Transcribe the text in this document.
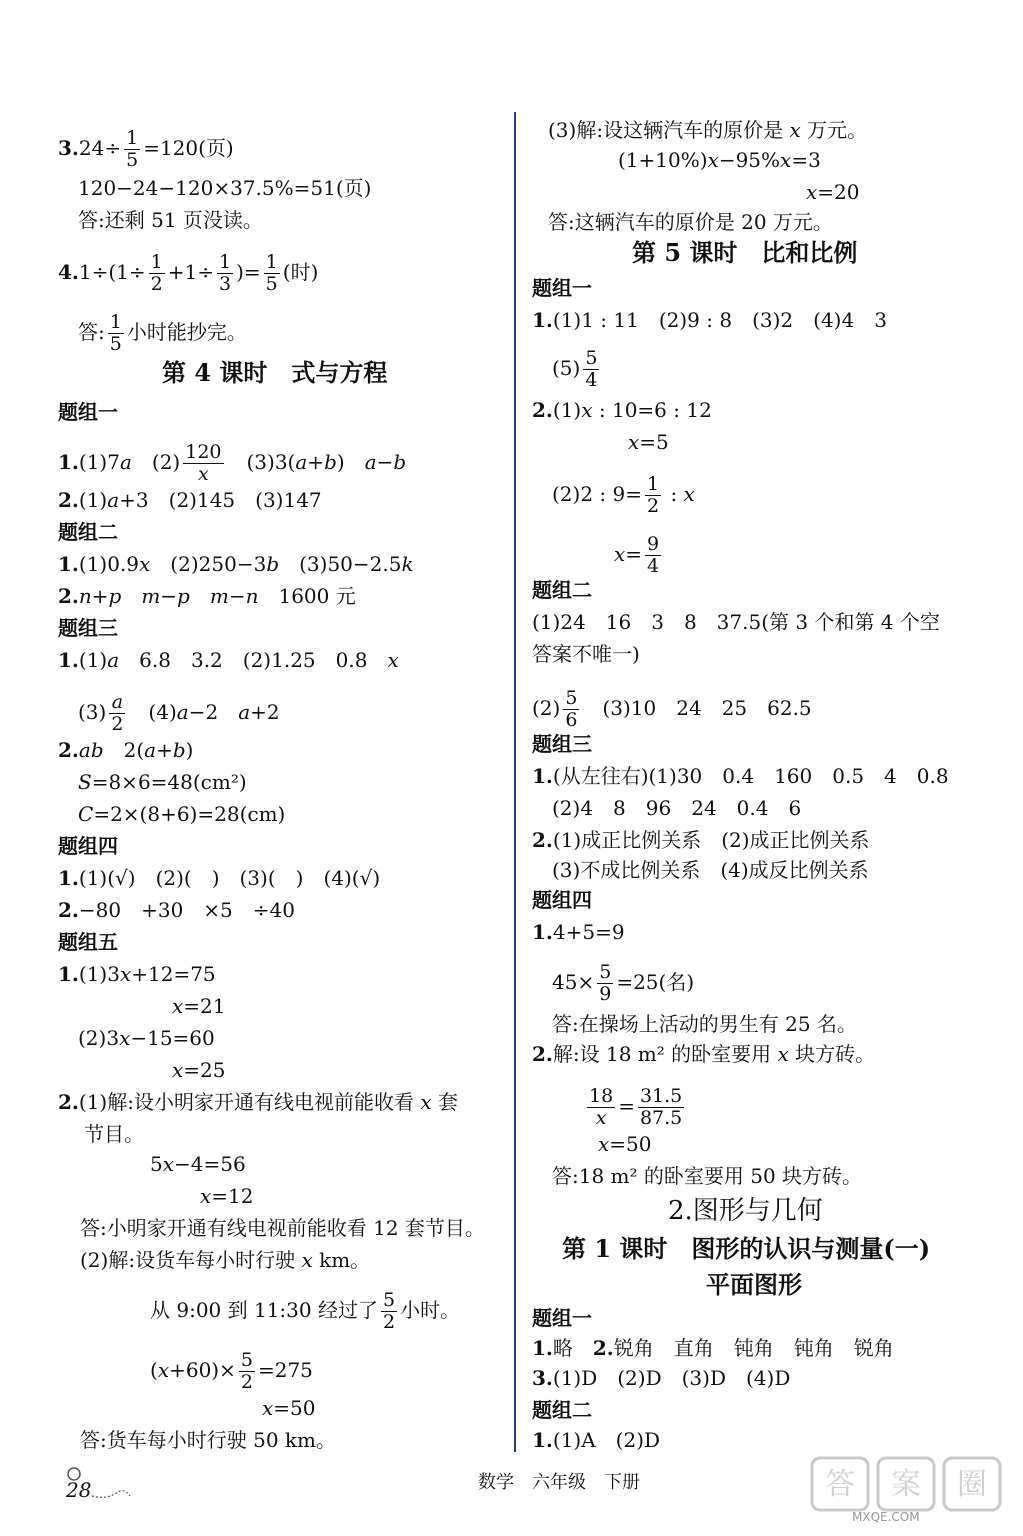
$3.24\div \frac{1}{5} =120$(页)
120−24−120×37.5%=51(页)
答:还剩 51 页没读。
$4.1\div(1\div \frac{1}{2} +1\div \frac{1}{3}$ )= $\frac{1}{5}$ (时)
答: $\frac{1}{5}$ 小时能抄完。
第 4 课时　式与方程
题组一
1.(1)7a　$(2) \frac{120}{x}$ 　(3)3(a+b)　a−b
2.(1)a+3　(2)145　(3)147
题组二
1.(1)0.9x　(2)250−3b　(3)50−2.5k
2.n+p　m−p　m−n　1600 元
题组三
1.(1)a　6.8　3.2　(2)1.25　0.8　x
$(3) \frac{a}{2}$ 　(4)a−2　a+2
2.ab　2(a+b)
S=8×6=48(cm²)
C=2×(8+6)=28(cm)
题组四
1.(1)(√)　(2)(　)　(3)(　)　(4)(√)
2.−80　+30　×5　÷40
题组五
1.(1)3x+12=75
x=21
(2)3x−15=60
x=25
2.(1)解:设小明家开通有线电视前能收看 x 套
节目。
5x−4=56
x=12
答:小明家开通有线电视前能收看 12 套节目。
(2)解:设货车每小时行驶 x km。
从 9:00 到 11:30 经过了 $\frac{5}{2}$ 小时。
$(x+60)\times \frac{5}{2} =275$
x=50
答:货车每小时行驶 50 km。
(3)解:设这辆汽车的原价是 x 万元。
(1+10%)x−95%x=3
x=20
答:这辆汽车的原价是 20 万元。
第 5 课时　比和比例
题组一
1.(1)1 : 11　(2)9 : 8　(3)2　(4)4　3
$(5) \frac{5}{4}$
2.(1)x : 10=6 : 12
x=5
(2)2 : $9= \frac{1}{2}$ : x
$x= \frac{9}{4}$
题组二
(1)24　16　3　8　37.5(第 3 个和第 4 个空
答案不唯一)
$(2) \frac{5}{6}$ 　(3)10　24　25　62.5
题组三
1.(从左往右)(1)30　0.4　160　0.5　4　0.8
(2)4　8　96　24　0.4　6
2.(1)成正比例关系　(2)成正比例关系
(3)不成比例关系　(4)成反比例关系
题组四
1.4+5=9
$45\times \frac{5}{9} =25$(名)
答:在操场上活动的男生有 25 名。
2.解:设 18 m² 的卧室要用 x 块方砖。
$\frac{18}{x} = \frac{31.5}{87.5}$
x=50
答:18 m² 的卧室要用 50 块方砖。
2.图形与几何
第 1 课时　图形的认识与测量(一)
平面图形
题组一
1.略　2.锐角　直角　钝角　钝角　锐角
3.(1)D　(2)D　(3)D　(4)D
题组二
1.(1)A　(2)D
28	数学　六年级　下册	答 案 圈
MXQE.COM
